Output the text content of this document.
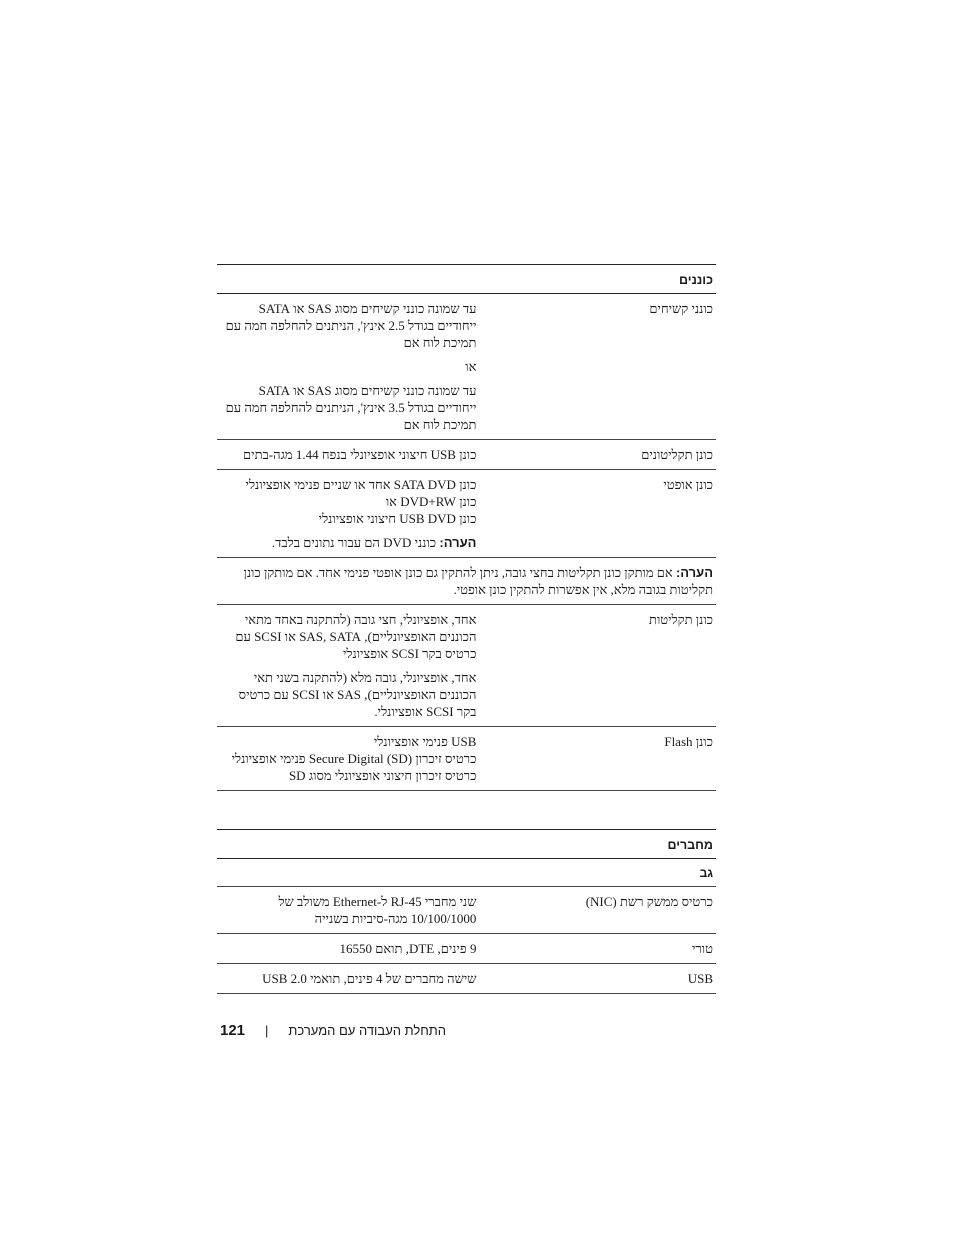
כוננים
כונני קשיחים

עד שמונה כונני קשיחים מסוג SAS או SATA ייחודיים בגודל 2.5 אינץ', הניתנים להחלפה חמה עם תמיכת לוח אם

או

עד שמונה כונני קשיחים מסוג SAS או SATA ייחודיים בגודל 3.5 אינץ', הניתנים להחלפה חמה עם תמיכת לוח אם

כונן תקליטונים

כונן USB חיצוני אופציונלי בנפח 1.44 מגה-בתים

כונן אופטי
כונן SATA DVD אחד או שניים פנימי אופציונלי
כונן DVD+RW או
כונן USB DVD חיצוני אופציונלי
הערה: כונני DVD הם עבור נתונים בלבד.
הערה: אם מותקן כונן תקליטות בחצי גובה, ניתן להתקין גם כונן אופטי פנימי אחד. אם מותקן כונן תקליטות בגובה מלא, אין אפשרות להתקין כונן אופטי.
כונן תקליטות

אחד, אופציונלי, חצי גובה (להתקנה באחד מתאי הכוננים האופציונליים), SAS, SATA או SCSI עם כרטיס בקר SCSI אופציונלי

אחד, אופציונלי, גובה מלא (להתקנה בשני תאי הכוננים האופציונליים), SAS או SCSI עם כרטיס בקר SCSI אופציונלי.

כונן Flash
USB פנימי אופציונלי
כרטיס זיכרון Secure Digital (SD) פנימי אופציונלי
כרטיס זיכרון חיצוני אופציונלי מסוג SD
מחברים
גב
כרטיס ממשק רשת (NIC)

שני מחברי RJ-45 ל-Ethernet משולב של 10/100/1000 מגה-סיביות בשנייה

טורי

9 פינים, DTE, תואם 16550

USB

שישה מחברים של 4 פינים, תואמי USB 2.0

התחלת העבודה עם המערכת
|
121
